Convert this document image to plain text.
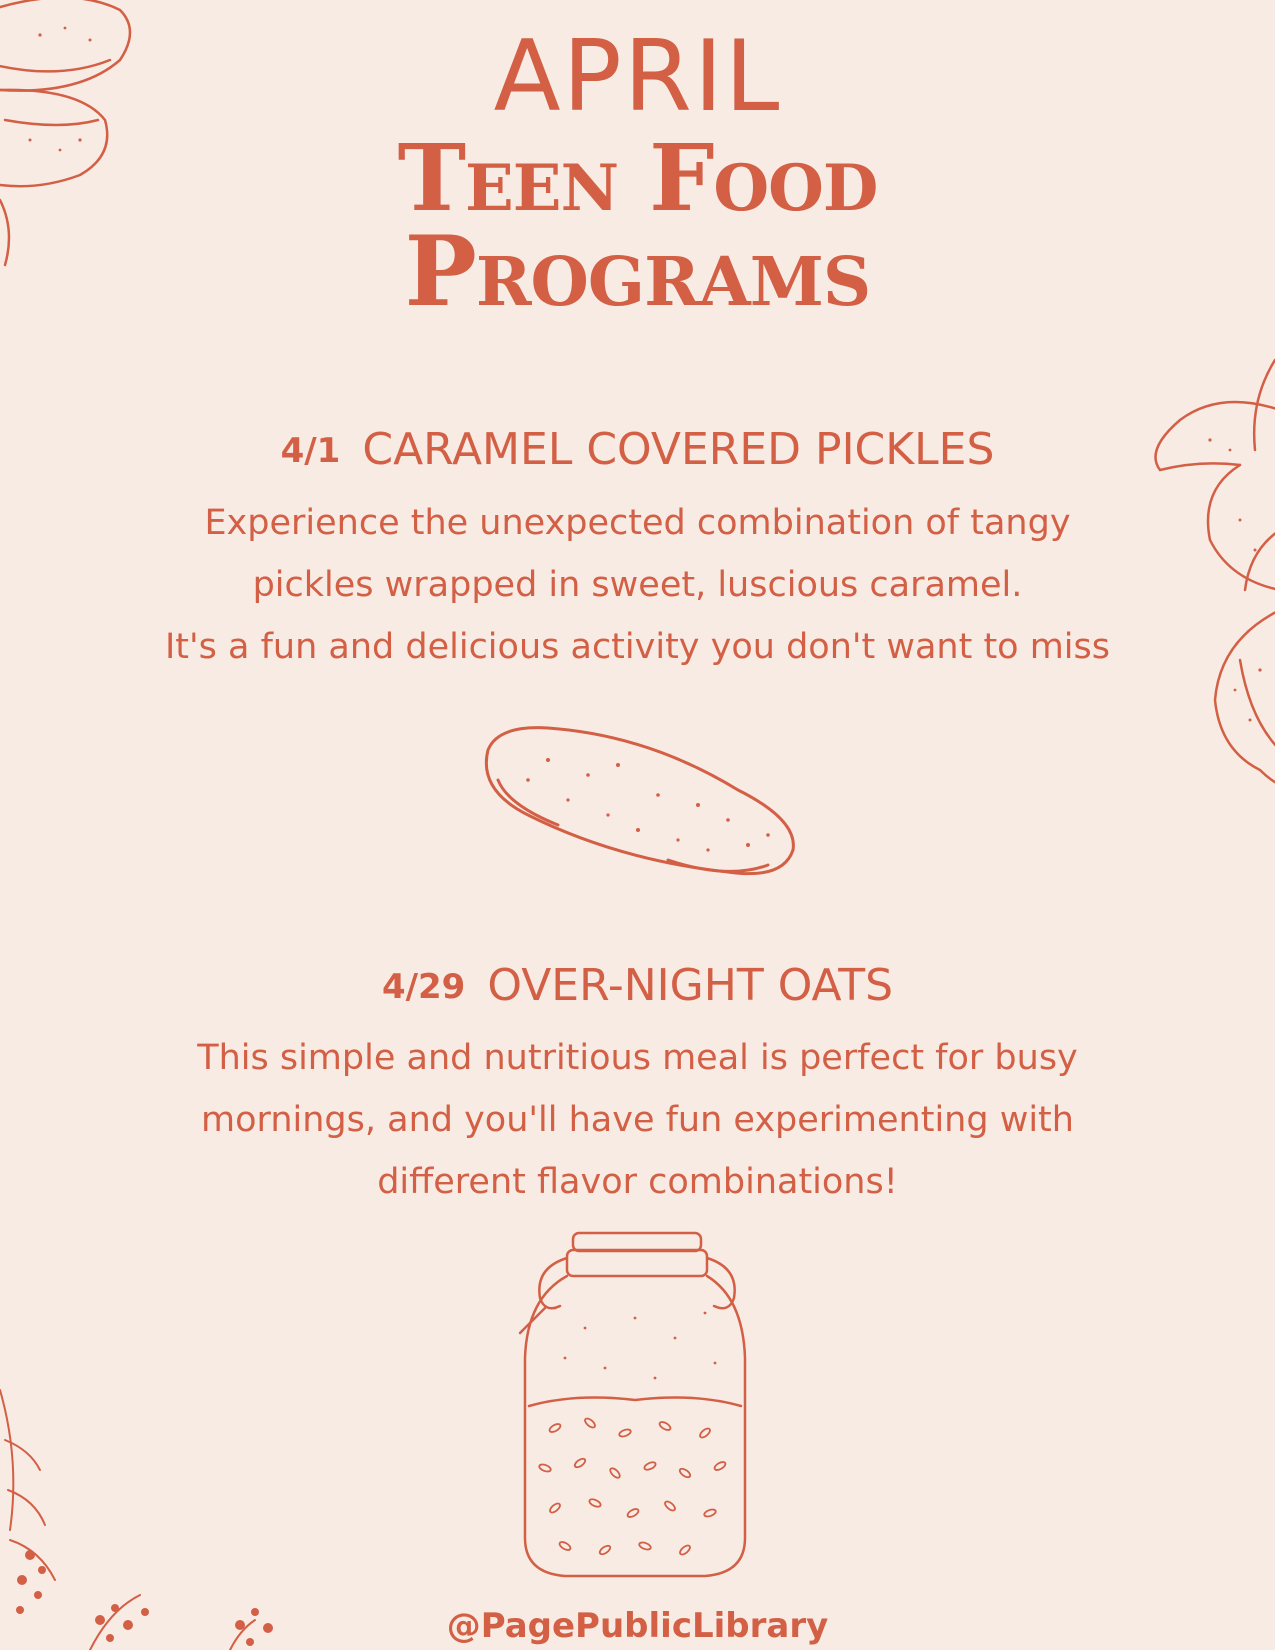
APRIL
Teen Food
Programs
4/1 CARAMEL COVERED PICKLES
Experience the unexpected combination of tangy
pickles wrapped in sweet, luscious caramel.
It's a fun and delicious activity you don't want to miss
4/29 OVER-NIGHT OATS
This simple and nutritious meal is perfect for busy
mornings, and you'll have fun experimenting with
different flavor combinations!
@PagePublicLibrary
